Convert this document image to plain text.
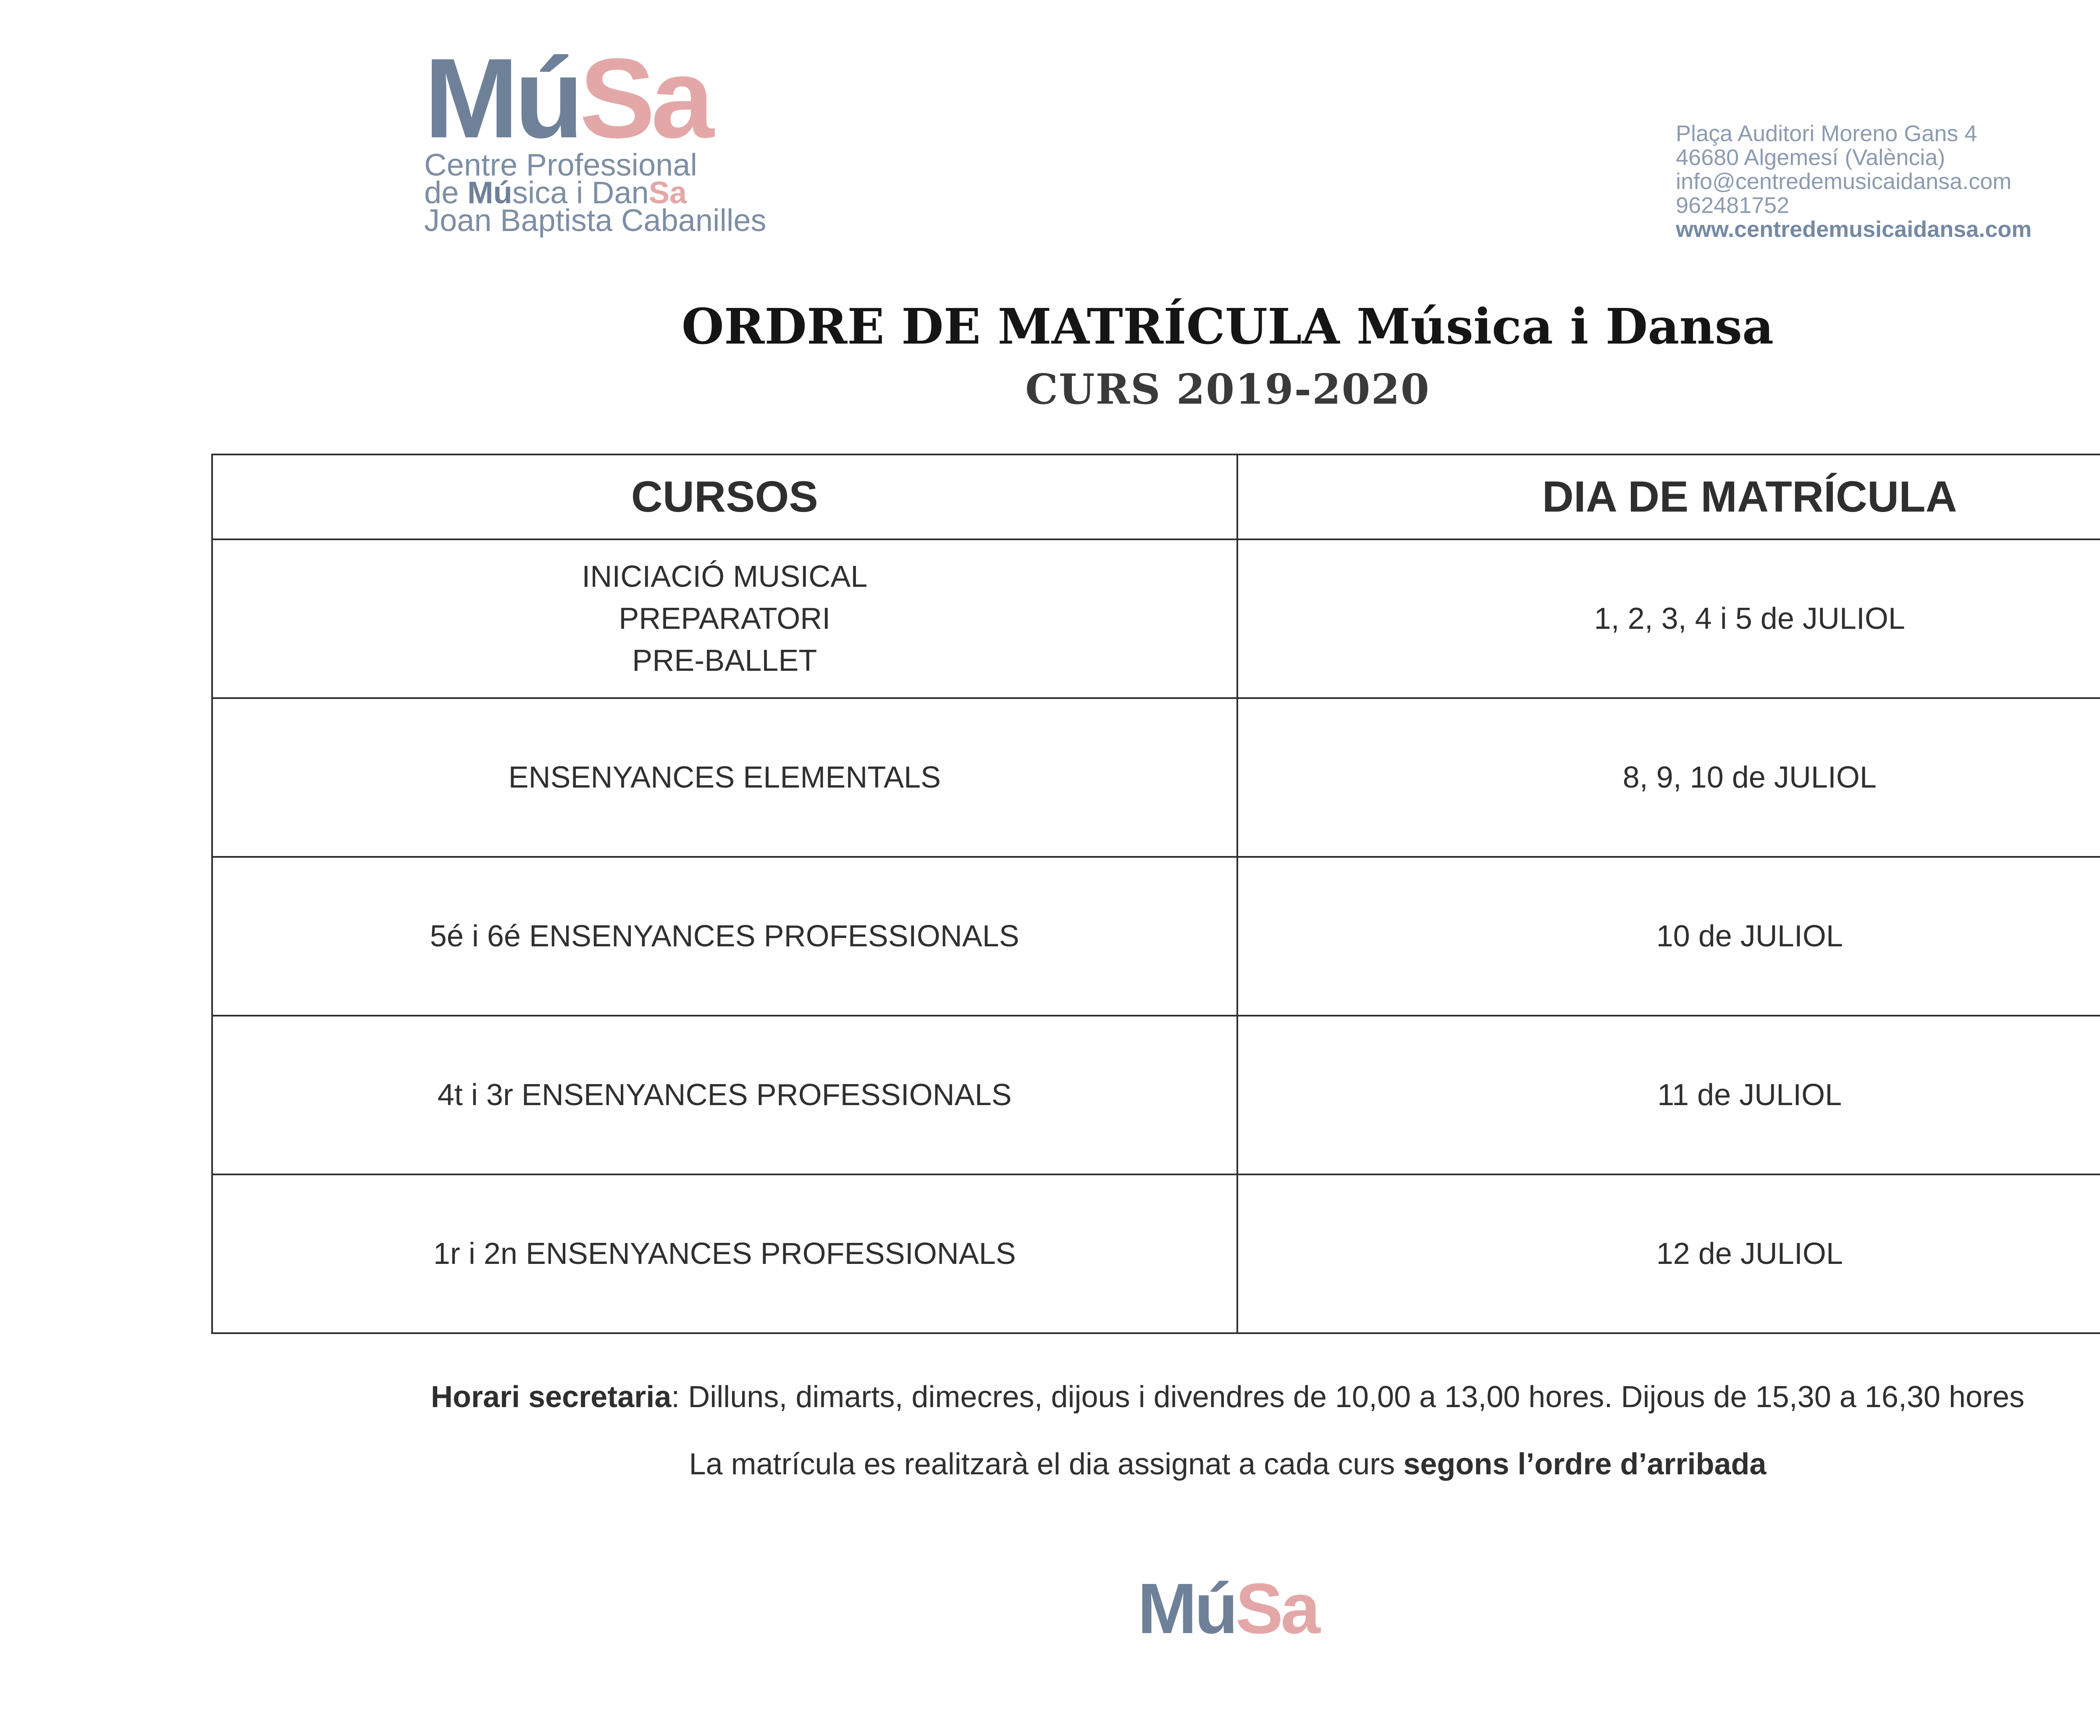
MúSa
Centre Professional
de Música i DanSa
Joan Baptista Cabanilles
Plaça Auditori Moreno Gans 4
46680 Algemesí (València)
info@centredemusicaidansa.com
962481752
www.centredemusicaidansa.com
ORDRE DE MATRÍCULA Música i Dansa
CURS 2019-2020
CURSOS	DIA DE MATRÍCULA

INICIACIÓ MUSICAL
PREPARATORI
PRE-BALLET	1, 2, 3, 4 i 5 de JULIOL
ENSENYANCES ELEMENTALS	8, 9, 10 de JULIOL
5é i 6é ENSENYANCES PROFESSIONALS	10 de JULIOL
4t i 3r ENSENYANCES PROFESSIONALS	11 de JULIOL
1r i 2n ENSENYANCES PROFESSIONALS	12 de JULIOL
Horari secretaria: Dilluns, dimarts, dimecres, dijous i divendres de 10,00 a 13,00 hores. Dijous de 15,30 a 16,30 hores
La matrícula es realitzarà el dia assignat a cada curs segons l’ordre d’arribada
MúSa
